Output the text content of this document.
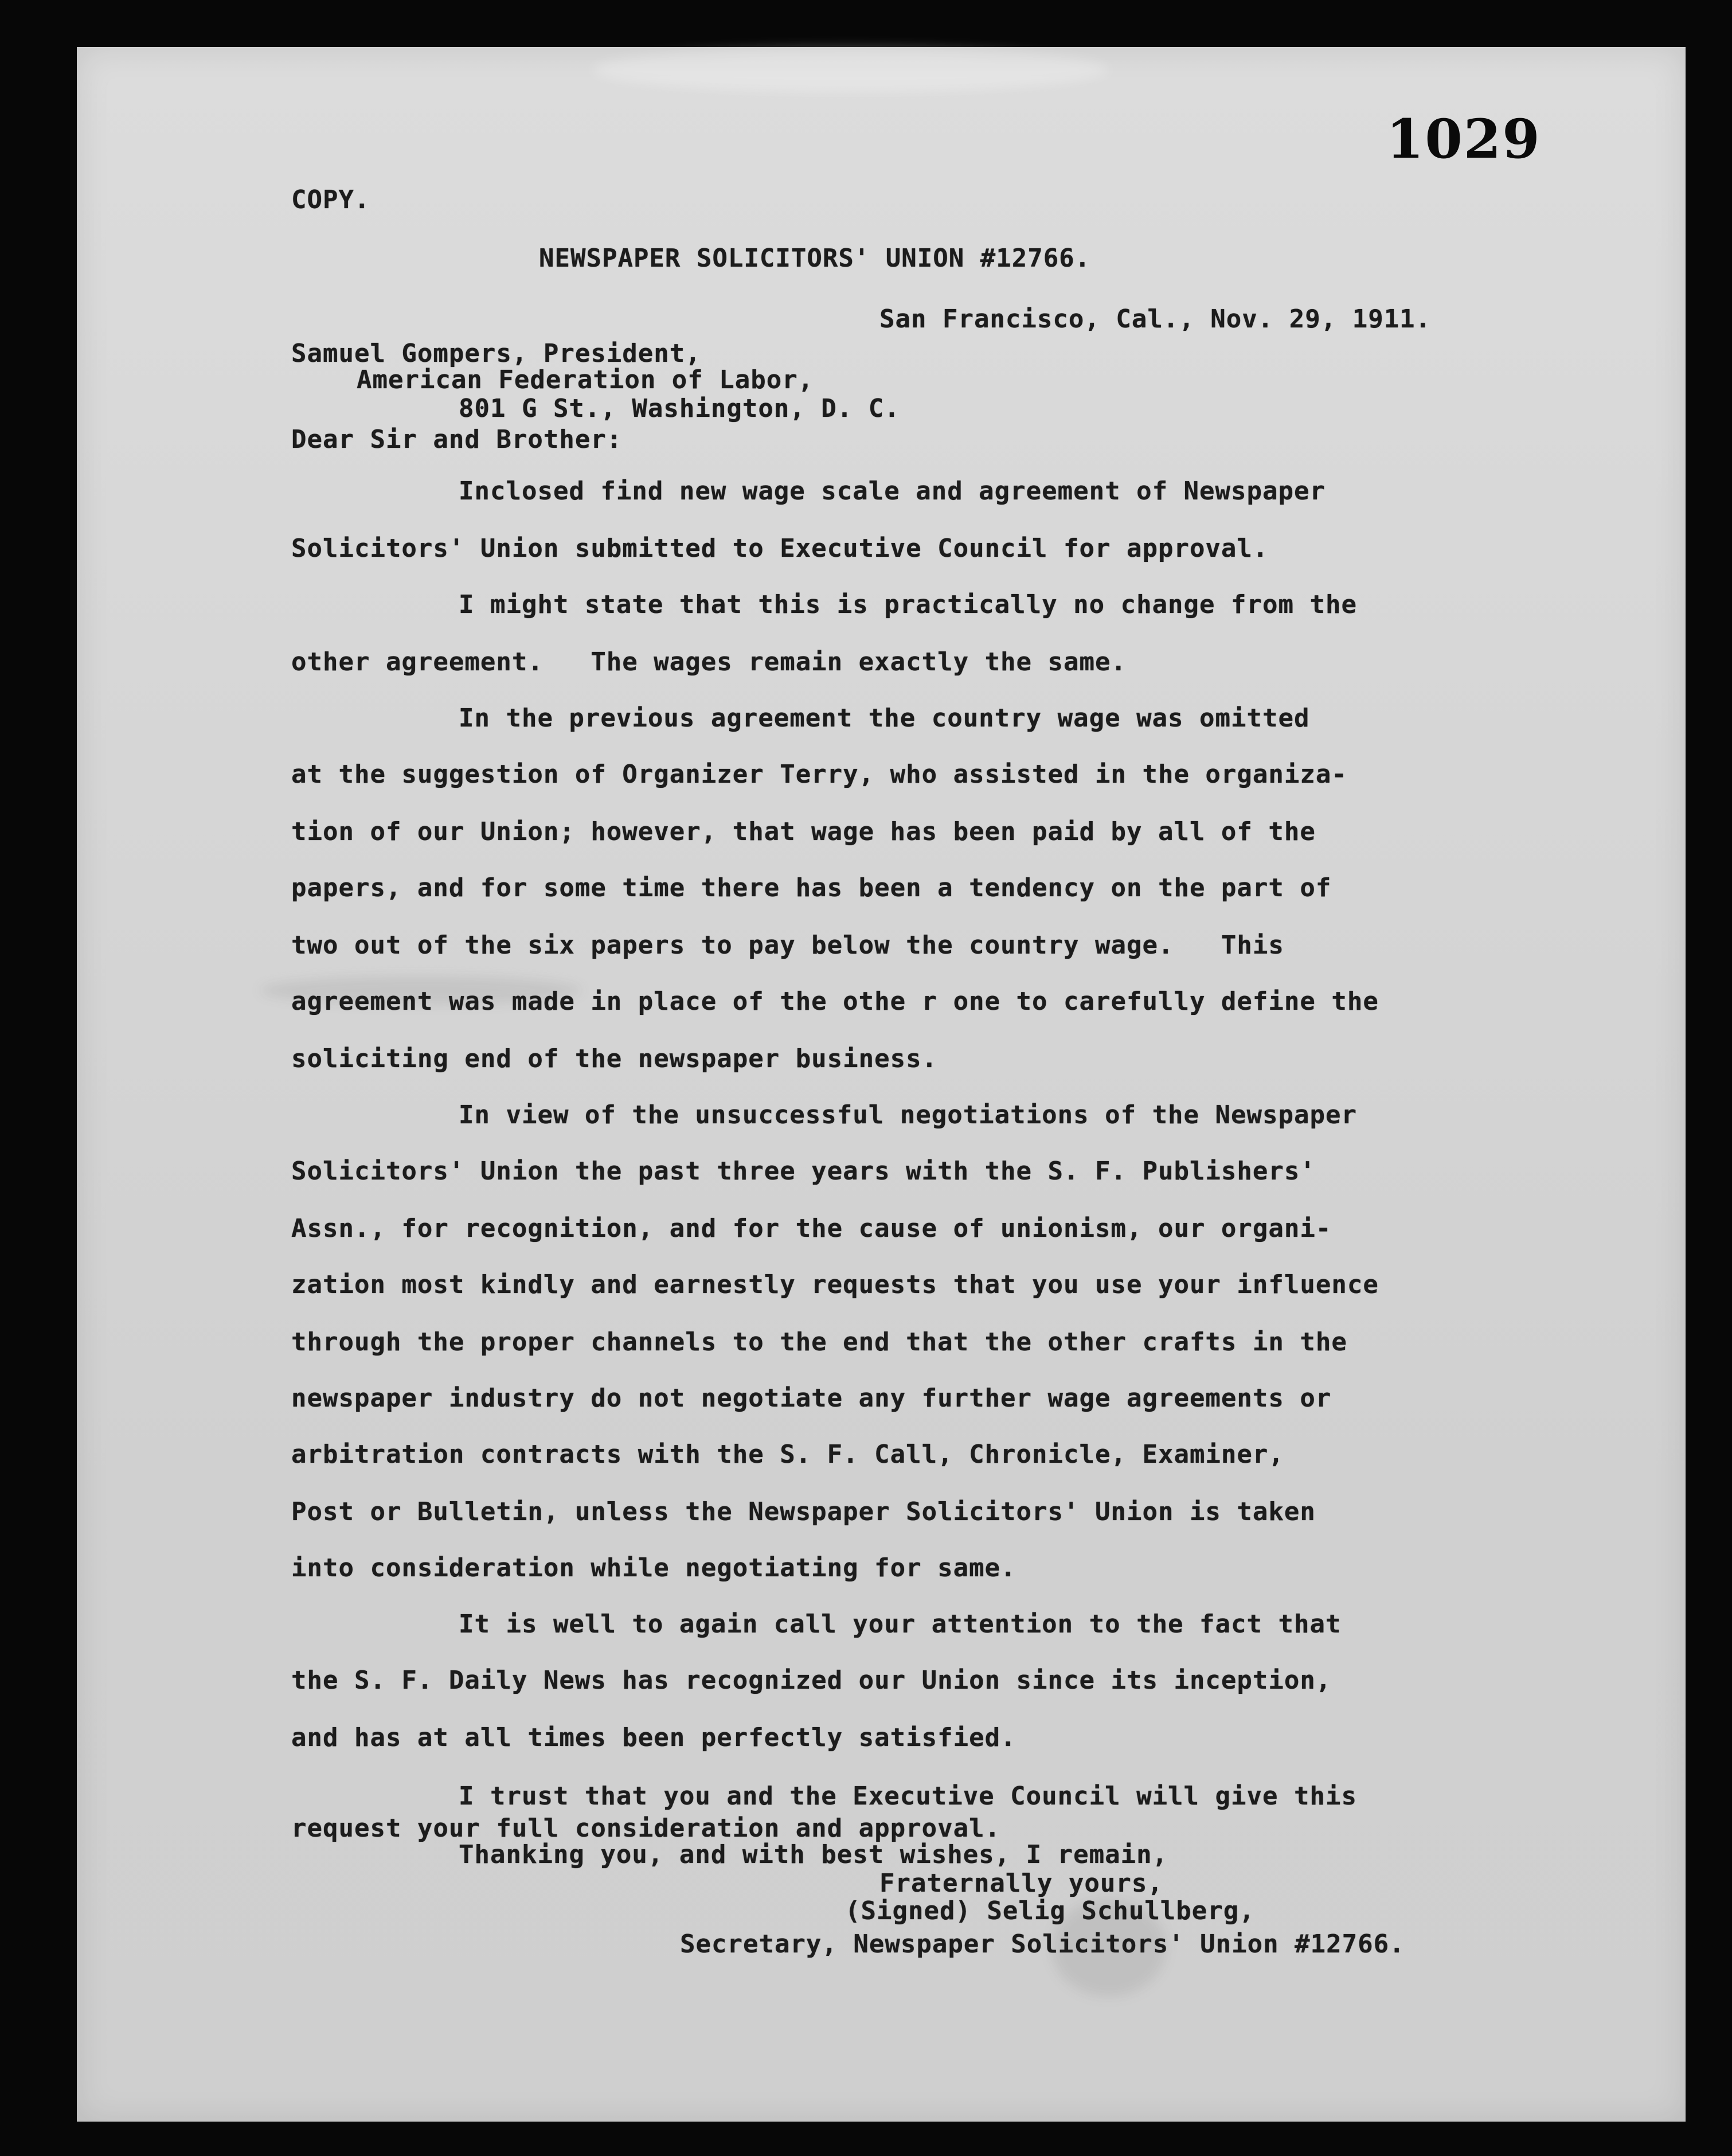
1029

COPY.

NEWSPAPER SOLICITORS' UNION #12766.

San Francisco, Cal., Nov. 29, 1911.

Samuel Gompers, President,

American Federation of Labor,

801 G St., Washington, D. C.

Dear Sir and Brother:

Inclosed find new wage scale and agreement of Newspaper

Solicitors' Union submitted to Executive Council for approval.

I might state that this is practically no change from the

other agreement.   The wages remain exactly the same.

In the previous agreement the country wage was omitted

at the suggestion of Organizer Terry, who assisted in the organiza-

tion of our Union; however, that wage has been paid by all of the

papers, and for some time there has been a tendency on the part of

two out of the six papers to pay below the country wage.   This

agreement was made in place of the othe r one to carefully define the

soliciting end of the newspaper business.

In view of the unsuccessful negotiations of the Newspaper

Solicitors' Union the past three years with the S. F. Publishers'

Assn., for recognition, and for the cause of unionism, our organi-

zation most kindly and earnestly requests that you use your influence

through the proper channels to the end that the other crafts in the

newspaper industry do not negotiate any further wage agreements or

arbitration contracts with the S. F. Call, Chronicle, Examiner,

Post or Bulletin, unless the Newspaper Solicitors' Union is taken

into consideration while negotiating for same.

It is well to again call your attention to the fact that

the S. F. Daily News has recognized our Union since its inception,

and has at all times been perfectly satisfied.

I trust that you and the Executive Council will give this

request your full consideration and approval.

Thanking you, and with best wishes, I remain,

Fraternally yours,

(Signed) Selig Schullberg,

Secretary, Newspaper Solicitors' Union #12766.
